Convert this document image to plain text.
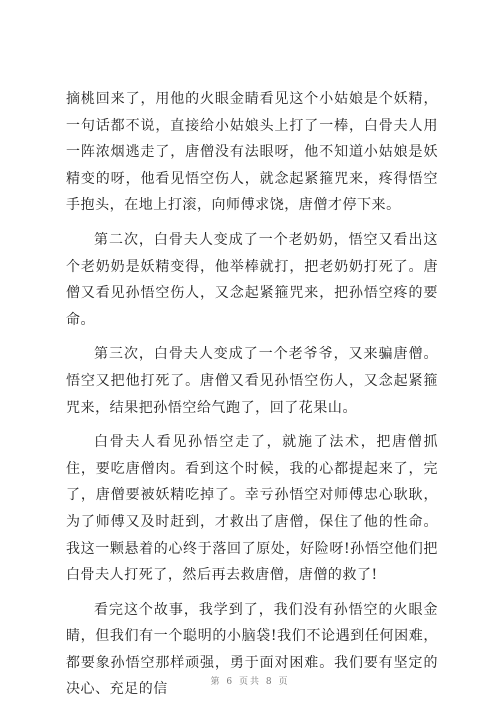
摘桃回来了，用他的火眼金睛看见这个小姑娘是个妖精，一句话都不说，直接给小姑娘头上打了一棒，白骨夫人用一阵浓烟逃走了，唐僧没有法眼呀，他不知道小姑娘是妖精变的呀，他看见悟空伤人，就念起紧箍咒来，疼得悟空手抱头，在地上打滚，向师傅求饶，唐僧才停下来。

第二次，白骨夫人变成了一个老奶奶，悟空又看出这个老奶奶是妖精变得，他举棒就打，把老奶奶打死了。唐僧又看见孙悟空伤人，又念起紧箍咒来，把孙悟空疼的要命。

第三次，白骨夫人变成了一个老爷爷，又来骗唐僧。悟空又把他打死了。唐僧又看见孙悟空伤人，又念起紧箍咒来，结果把孙悟空给气跑了，回了花果山。

白骨夫人看见孙悟空走了，就施了法术，把唐僧抓住，要吃唐僧肉。看到这个时候，我的心都提起来了，完了，唐僧要被妖精吃掉了。幸亏孙悟空对师傅忠心耿耿，为了师傅又及时赶到，才救出了唐僧，保住了他的性命。我这一颗悬着的心终于落回了原处，好险呀!孙悟空他们把白骨夫人打死了，然后再去救唐僧，唐僧的救了!

看完这个故事，我学到了，我们没有孙悟空的火眼金睛，但我们有一个聪明的小脑袋!我们不论遇到任何困难，都要象孙悟空那样顽强，勇于面对困难。我们要有坚定的决心、充足的信	第 6 页共 8 页
